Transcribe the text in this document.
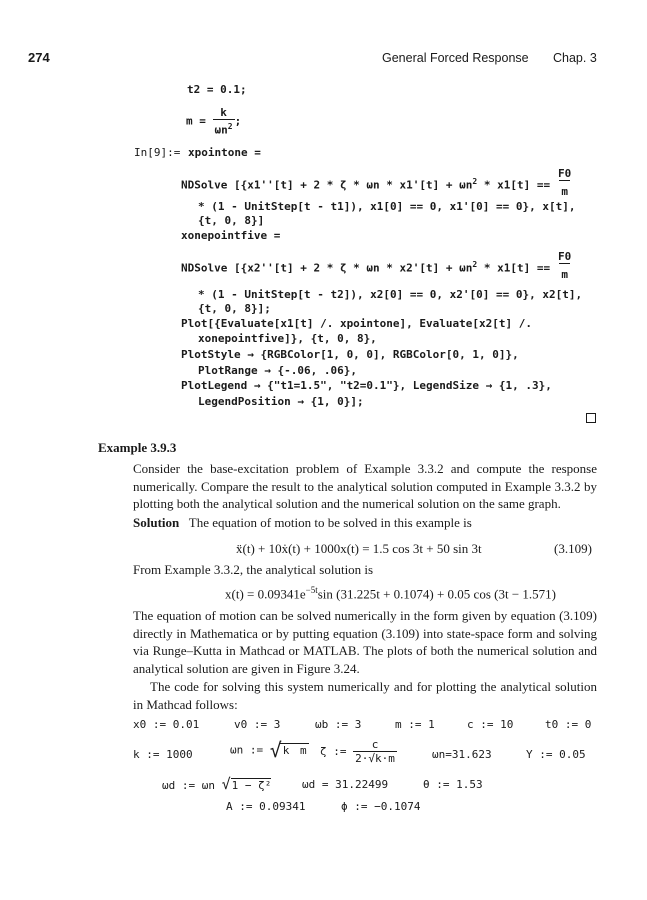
274	General Forced Response Chap. 3
t2 = 0.1;
$m = \frac{k}{\omega n^2}$ ;
In[9]:= xpointone =
NDSolve [{$x1''[t] + 2 * \zeta * \omega n * x1'[t] + \omega n^2 * x1[t] == \frac{F0}{m}$
* (1 - UnitStep[t - t1]), x1[0] == 0, x1'[0] == 0}, x[t],
{t, 0, 8}]
xonepointfive =
NDSolve [{$x2''[t] + 2 * \zeta * \omega n * x2'[t] + \omega n^2 * x1[t] == \frac{F0}{m}$
* (1 - UnitStep[t - t2]), x2[0] == 0, x2'[0] == 0}, x2[t],
{t, 0, 8}];
Plot[{Evaluate[x1[t] /. xpointone], Evaluate[x2[t] /.
xonepointfive]}, {t, 0, 8},
PlotStyle → {RGBColor[1, 0, 0], RGBColor[0, 1, 0]},
PlotRange → {-.06, .06},
PlotLegend → {"t1=1.5", "t2=0.1"}, LegendSize → {1, .3},
LegendPosition → {1, 0}];
Example 3.9.3
Consider the base-excitation problem of Example 3.3.2 and compute the response numerically. Compare the result to the analytical solution computed in Example 3.3.2 by plotting both the analytical solution and the numerical solution on the same graph.
Solution The equation of motion to be solved in this example is
ẍ(t) + 10ẋ(t) + 1000x(t) = 1.5 cos 3t + 50 sin 3t	(3.109)
From Example 3.3.2, the analytical solution is
$x(t) = 0.09341e^{-5t}\sin$ (31.225t + 0.1074) + 0.05 cos (3t − 1.571)
The equation of motion can be solved numerically in the form given by equation (3.109) directly in Mathematica or by putting equation (3.109) into state-space form and solving via Runge–Kutta in Mathcad or MATLAB. The plots of both the numerical solution and analytical solution are given in Figure 3.24.
The code for solving this system numerically and for plotting the analytical solution in Mathcad follows:
x0 := 0.01	v0 := 3	ωb := 3	m := 1	c := 10	t0 := 0
k := 1000	ωn := √k m ζ := $\frac{c}{2\cdot√k\cdot m}$	ωn=31.623	Y := 0.05
ωd := ωn √1 − ζ²	ωd = 31.22499	θ := 1.53
A := 0.09341	ϕ := −0.1074
